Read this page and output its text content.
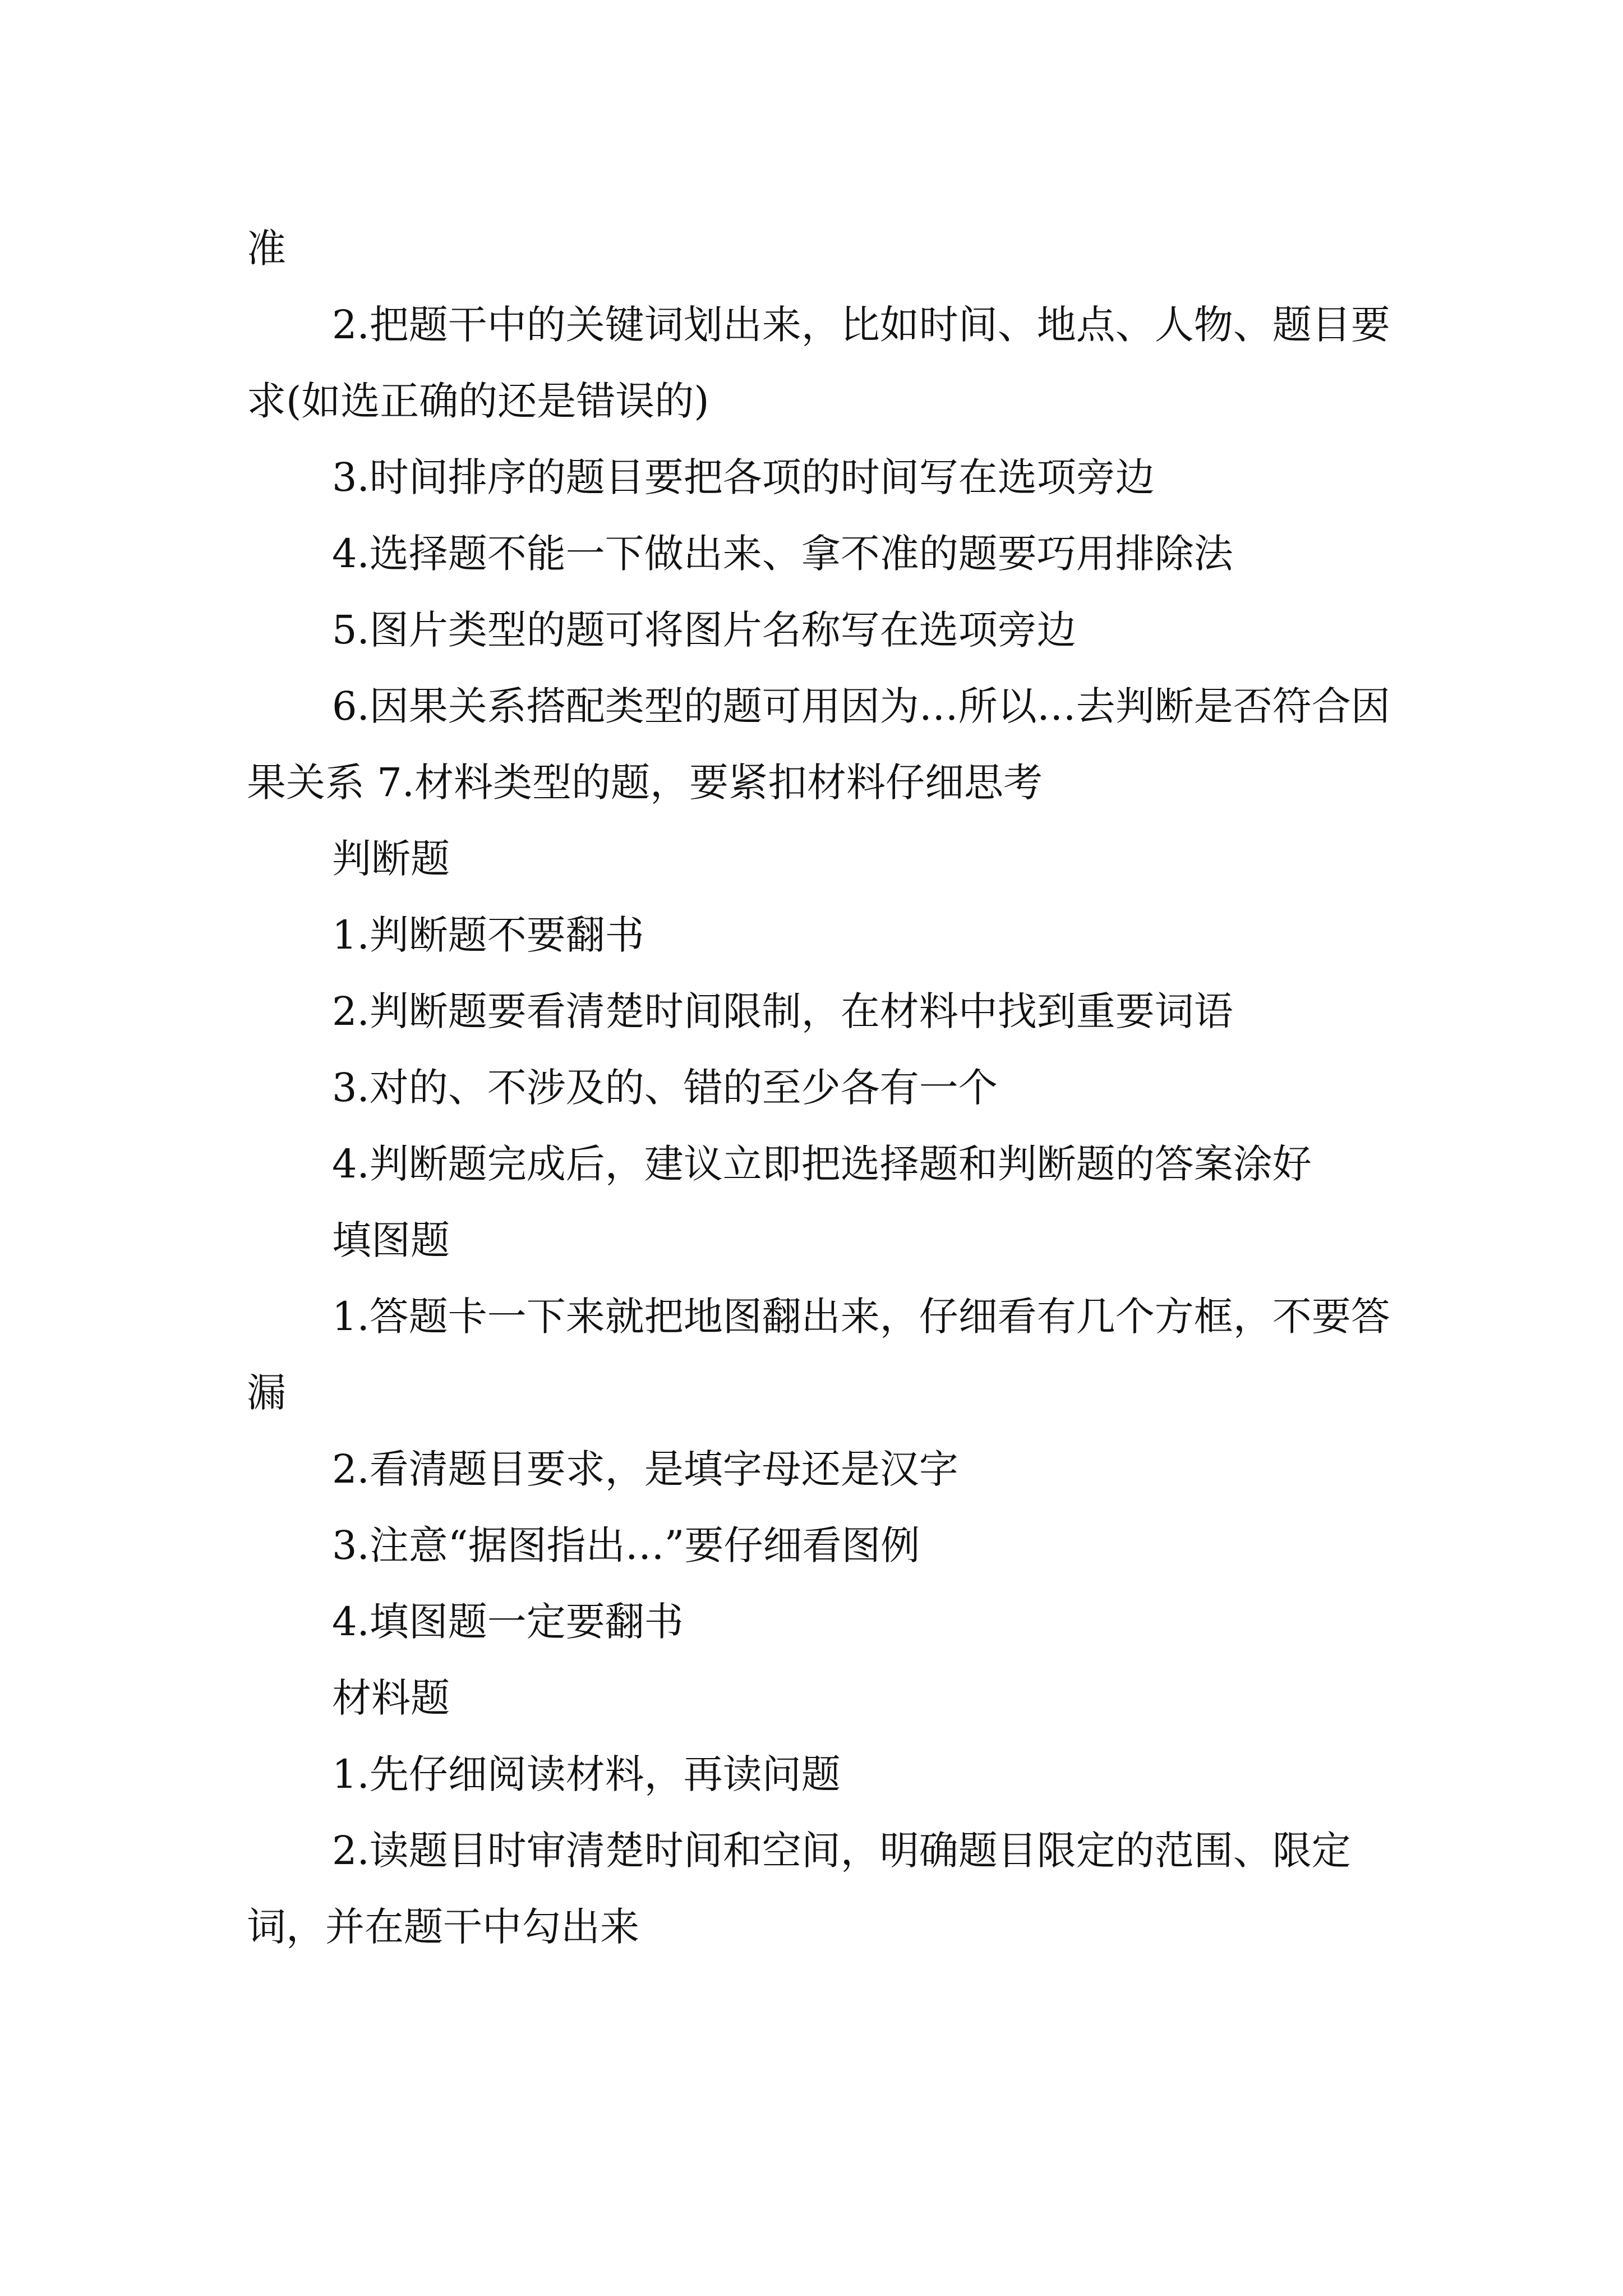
准

2.把题干中的关键词划出来，比如时间、地点、人物、题目要求(如选正确的还是错误的)

3.时间排序的题目要把各项的时间写在选项旁边

4.选择题不能一下做出来、拿不准的题要巧用排除法

5.图片类型的题可将图片名称写在选项旁边

6.因果关系搭配类型的题可用因为…所以…去判断是否符合因果关系 7.材料类型的题，要紧扣材料仔细思考

判断题

1.判断题不要翻书

2.判断题要看清楚时间限制，在材料中找到重要词语

3.对的、不涉及的、错的至少各有一个

4.判断题完成后，建议立即把选择题和判断题的答案涂好

填图题

1.答题卡一下来就把地图翻出来，仔细看有几个方框，不要答漏

2.看清题目要求，是填字母还是汉字

3.注意“据图指出…”要仔细看图例

4.填图题一定要翻书

材料题

1.先仔细阅读材料，再读问题

2.读题目时审清楚时间和空间，明确题目限定的范围、限定词，并在题干中勾出来
